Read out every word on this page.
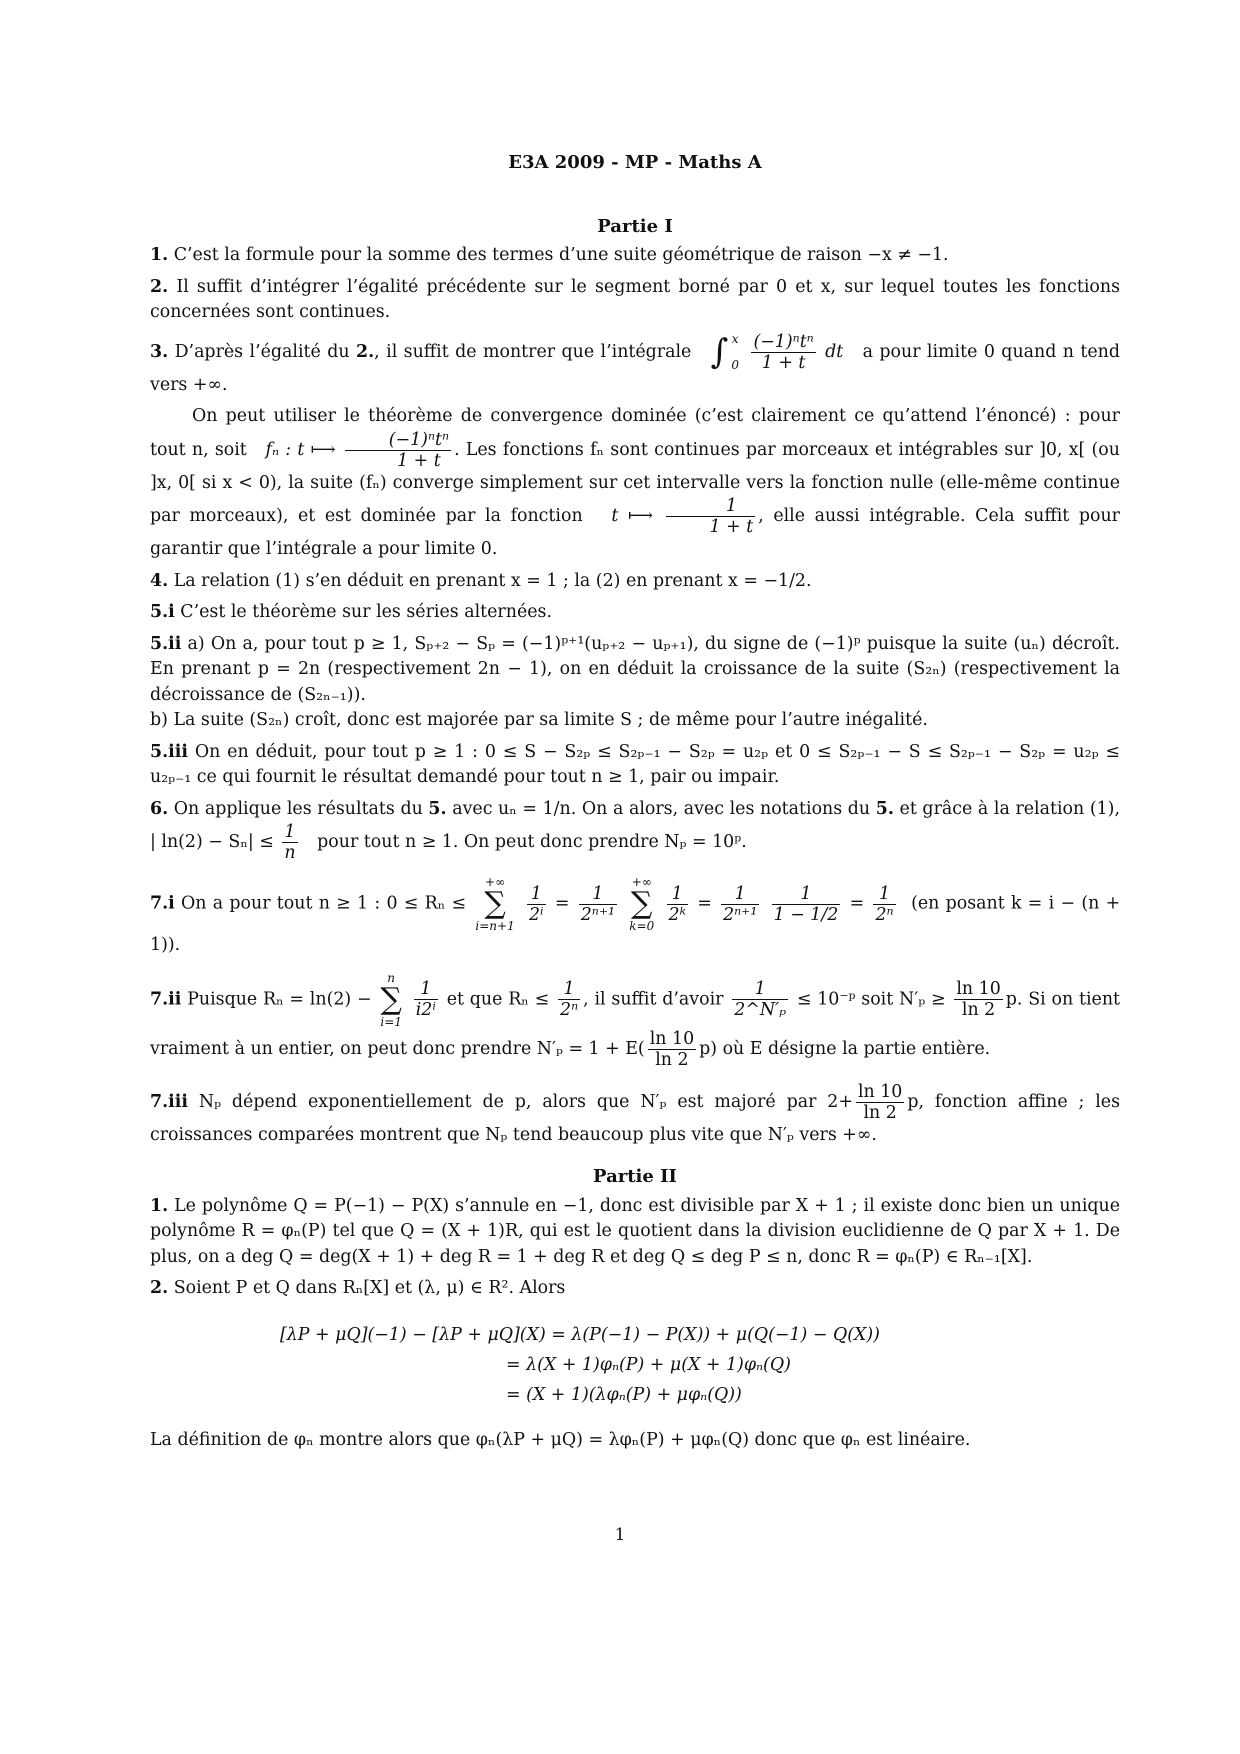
E3A 2009 - MP - Maths A
Partie I

1. C’est la formule pour la somme des termes d’une suite géométrique de raison −x ≠ −1.

2. Il suffit d’intégrer l’égalité précédente sur le segment borné par 0 et x, sur lequel toutes les fonctions concernées sont continues.

3. D’après l’égalité du 2., il suffit de montrer que l’intégrale ∫ x
0
$\frac{\text{(−1)ⁿtⁿ}}{1 + t}$ dt a pour limite 0 quand n tend vers +∞.

On peut utiliser le théorème de convergence dominée (c’est clairement ce qu’attend l’énoncé) : pour tout n, soit fₙ : t ⟼ $\frac{\text{(−1)ⁿtⁿ}}{1 + t}$ . Les fonctions fₙ sont continues par morceaux et intégrables sur ]0, x[ (ou ]x, 0[ si x < 0), la suite (fₙ) converge simplement sur cet intervalle vers la fonction nulle (elle-même continue par morceaux), et est dominée par la fonction t ⟼ $\frac{1}{1 + t}$ , elle aussi intégrable. Cela suffit pour garantir que l’intégrale a pour limite 0.

4. La relation (1) s’en déduit en prenant x = 1 ; la (2) en prenant x = −1/2.

5.i C’est le théorème sur les séries alternées.

5.ii a) On a, pour tout p ≥ 1, Sₚ₊₂ − Sₚ = (−1)ᵖ⁺¹(uₚ₊₂ − uₚ₊₁), du signe de (−1)ᵖ puisque la suite (uₙ) décroît. En prenant p = 2n (respectivement 2n − 1), on en déduit la croissance de la suite (S₂ₙ) (respectivement la décroissance de (S₂ₙ₋₁)).
b) La suite (S₂ₙ) croît, donc est majorée par sa limite S ; de même pour l’autre inégalité.

5.iii On en déduit, pour tout p ≥ 1 : 0 ≤ S − S₂ₚ ≤ S₂ₚ₋₁ − S₂ₚ = u₂ₚ et 0 ≤ S₂ₚ₋₁ − S ≤ S₂ₚ₋₁ − S₂ₚ = u₂ₚ ≤ u₂ₚ₋₁ ce qui fournit le résultat demandé pour tout n ≥ 1, pair ou impair.

6. On applique les résultats du 5. avec uₙ = 1/n. On a alors, avec les notations du 5. et grâce à la relation (1), | $\ln(2) - S_n| \le \frac{1}{n}$ pour tout n ≥ 1. On peut donc prendre Nₚ = 10ᵖ.

7.i On a pour tout n ≥ 1 : 0 ≤ Rₙ ≤
+∞
∑
i=n+1

$\frac{1}{\text{2ⁱ}} = \frac{1}{\text{2ⁿ⁺¹}}$

+∞
∑
k=0

$\frac{1}{\text{2ᵏ}} = \frac{1}{\text{2ⁿ⁺¹}}$
$\frac{1}{1 - 1/2} = \frac{1}{\text{2ⁿ}} (en$ posant k = i − (n + 1)).

7.ii Puisque Rₙ = ln(2) −
n
∑
i=1

$\frac{1}{\text{i2ⁱ}}$ et que $R_n \le \frac{1}{\text{2ⁿ}}$ , il suffit d’avoir $\frac{1}{\text{2\textasciicircum{}N′ₚ}}$ ≤ 10⁻ᵖ soit $N'_p \ge \frac{\ln 10}{\ln 2} p$. Si on tient vraiment à un entier, on peut donc prendre $N'_p = 1 + E( \frac{\ln 10}{\ln 2} p)$ où E désigne la partie entière.

7.iii Nₚ dépend exponentiellement de p, alors que N′ₚ est majoré par $2+ \frac{\ln 10}{\ln 2} p$, fonction affine ; les croissances comparées montrent que Nₚ tend beaucoup plus vite que N′ₚ vers +∞.

Partie II

1. Le polynôme Q = P(−1) − P(X) s’annule en −1, donc est divisible par X + 1 ; il existe donc bien un unique polynôme R = φₙ(P) tel que Q = (X + 1)R, qui est le quotient dans la division euclidienne de Q par X + 1. De plus, on a deg Q = deg(X + 1) + deg R = 1 + deg R et deg Q ≤ deg P ≤ n, donc R = φₙ(P) ∈ Rₙ₋₁[X].

2. Soient P et Q dans Rₙ[X] et (λ, μ) ∈ R². Alors

[λP + μQ](−1) − [λP + μQ](X) = λ(P(−1) − P(X)) + μ(Q(−1) − Q(X))
= λ(X + 1)φₙ(P) + μ(X + 1)φₙ(Q)
= (X + 1)(λφₙ(P) + μφₙ(Q))

La définition de φₙ montre alors que φₙ(λP + μQ) = λφₙ(P) + μφₙ(Q) donc que φₙ est linéaire.

1
